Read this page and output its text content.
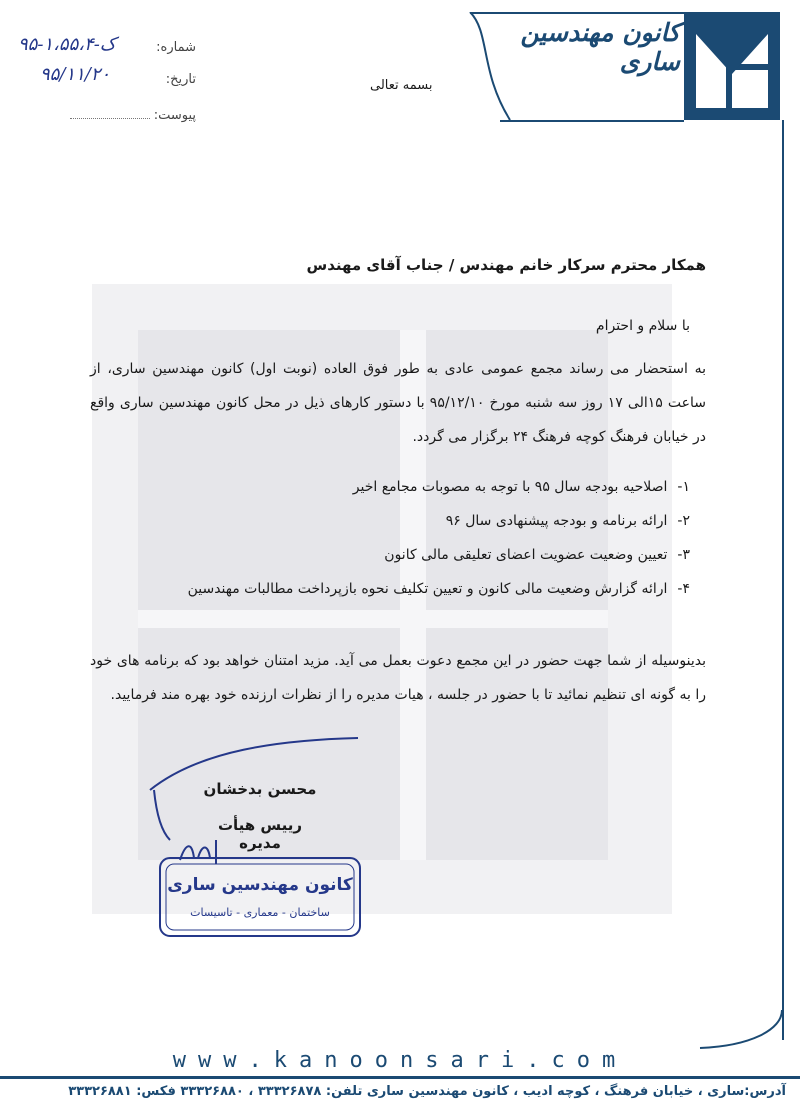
کانون مهندسین ساری
بسمه تعالی
شماره:
۹۵-۱،۵۵،۴-ک
تاریخ:
۹۵/۱۱/۲۰
پیوست:
همکار محترم سرکار خانم مهندس / جناب آقای مهندس
با سلام و احترام
به استحضار می رساند مجمع عمومی عادی به طور فوق العاده (نوبت اول) کانون مهندسین ساری، از ساعت ۱۵الی ۱۷ روز سه شنبه مورخ ۹۵/۱۲/۱۰ با دستور کارهای ذیل در محل کانون مهندسین ساری واقع در خیابان فرهنگ کوچه فرهنگ ۲۴ برگزار می گردد.
۱-
اصلاحیه بودجه سال ۹۵ با توجه به مصوبات مجامع اخیر
۲-
ارائه برنامه و بودجه پیشنهادی سال ۹۶
۳-
تعیین وضعیت عضویت اعضای تعلیقی مالی کانون
۴-
ارائه گزارش وضعیت مالی کانون و تعیین تکلیف نحوه بازپرداخت مطالبات مهندسین
بدینوسیله از شما جهت حضور در این مجمع دعوت بعمل می آید. مزید امتنان خواهد بود که برنامه های خود را به گونه ای تنظیم نمائید تا با حضور در جلسه ، هیات مدیره را از نظرات ارزنده خود بهره مند فرمایید.
محسن بدخشان
رییس هیأت مدیره
کانون مهندسین ساری
ساختمان - معماری - تاسیسات
www.kanoonsari.com
آدرس:ساری ، خیابان فرهنگ ، کوچه ادیب ، کانون مهندسین ساری تلفن: ۳۳۳۲۶۸۷۸ ، ۳۳۳۲۶۸۸۰ فکس: ۳۳۳۲۶۸۸۱
